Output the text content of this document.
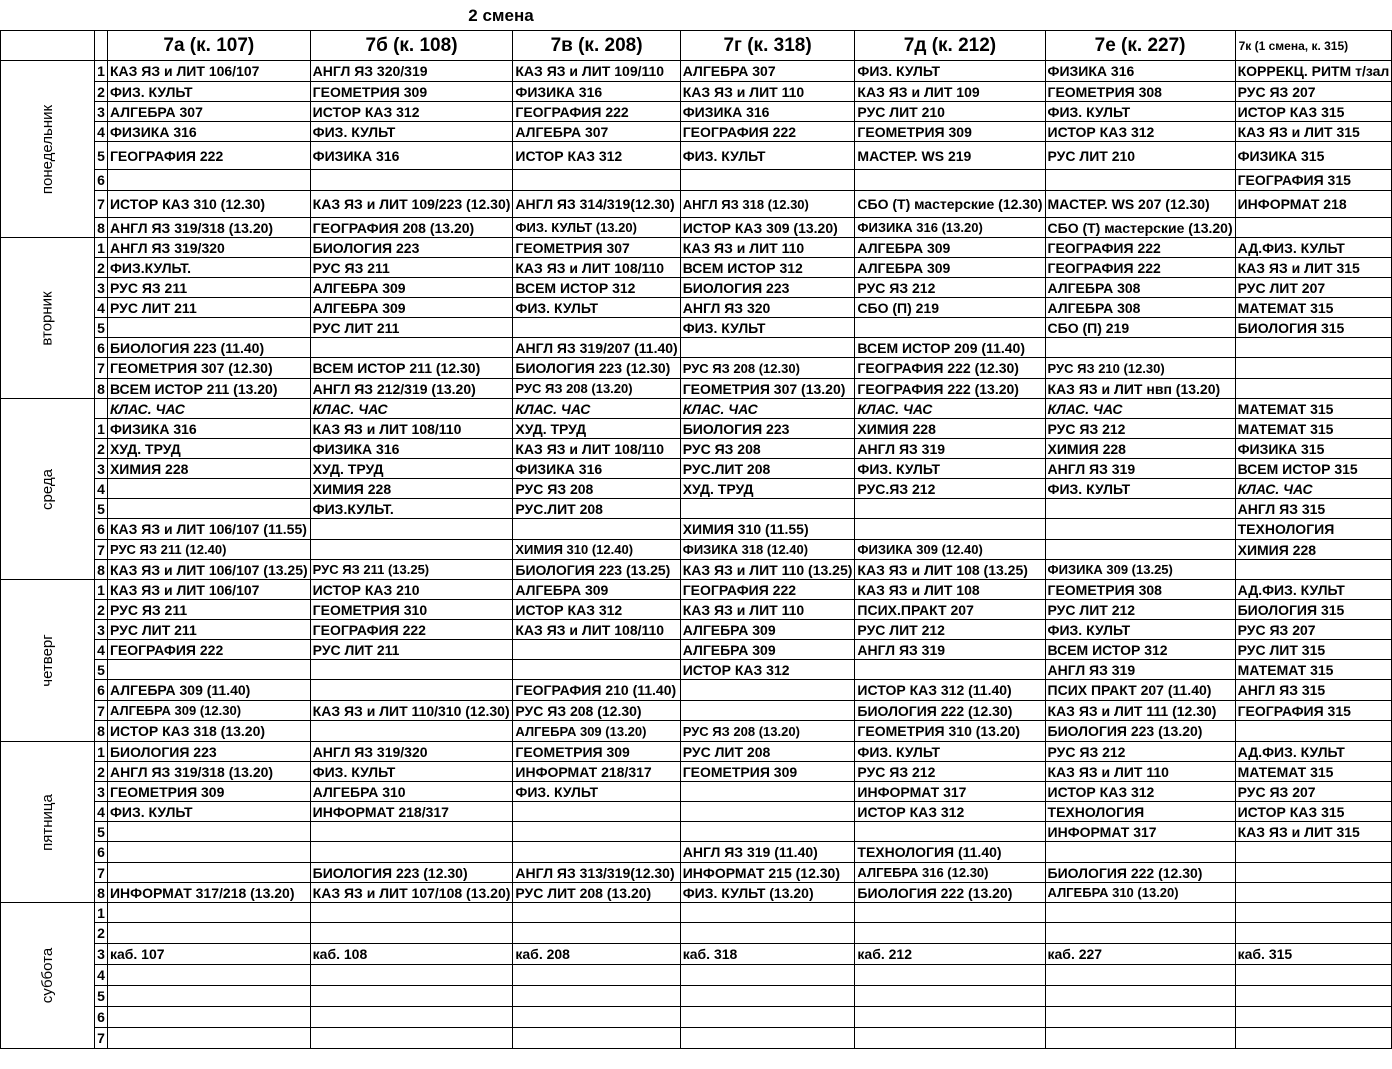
2 смена
		7а (к. 107)	7б (к. 108)	7в (к. 208)	7г (к. 318)	7д (к. 212)	7е (к. 227)	7к (1 смена, к. 315)
понедельник	1	КАЗ ЯЗ и ЛИТ 106/107	АНГЛ ЯЗ 320/319	КАЗ ЯЗ и ЛИТ 109/110	АЛГЕБРА 307	ФИЗ. КУЛЬТ	ФИЗИКА 316	КОРРЕКЦ. РИТМ т/зал
	2	ФИЗ. КУЛЬТ	ГЕОМЕТРИЯ 309	ФИЗИКА 316	КАЗ ЯЗ и ЛИТ 110	КАЗ ЯЗ и ЛИТ 109	ГЕОМЕТРИЯ 308	РУС ЯЗ 207
	3	АЛГЕБРА 307	ИСТОР КАЗ 312	ГЕОГРАФИЯ 222	ФИЗИКА 316	РУС ЛИТ 210	ФИЗ. КУЛЬТ	ИСТОР КАЗ 315
	4	ФИЗИКА 316	ФИЗ. КУЛЬТ	АЛГЕБРА 307	ГЕОГРАФИЯ 222	ГЕОМЕТРИЯ 309	ИСТОР КАЗ 312	КАЗ ЯЗ и ЛИТ 315
	5	ГЕОГРАФИЯ 222	ФИЗИКА 316	ИСТОР КАЗ 312	ФИЗ. КУЛЬТ	МАСТЕР. WS 219	РУС ЛИТ 210	ФИЗИКА 315
	6							ГЕОГРАФИЯ 315
	7	ИСТОР КАЗ 310 (12.30)	КАЗ ЯЗ и ЛИТ 109/223 (12.30)	АНГЛ ЯЗ 314/319(12.30)	АНГЛ ЯЗ 318 (12.30)	СБО (Т) мастерские (12.30)	МАСТЕР. WS 207 (12.30)	ИНФОРМАТ 218
	8	АНГЛ ЯЗ 319/318 (13.20)	ГЕОГРАФИЯ 208 (13.20)	ФИЗ. КУЛЬТ (13.20)	ИСТОР КАЗ 309 (13.20)	ФИЗИКА 316 (13.20)	СБО (Т) мастерские (13.20)	
вторник	1	АНГЛ ЯЗ 319/320	БИОЛОГИЯ 223	ГЕОМЕТРИЯ 307	КАЗ ЯЗ и ЛИТ 110	АЛГЕБРА 309	ГЕОГРАФИЯ 222	АД.ФИЗ. КУЛЬТ
	2	ФИЗ.КУЛЬТ.	РУС ЯЗ 211	КАЗ ЯЗ и ЛИТ 108/110	ВСЕМ ИСТОР 312	АЛГЕБРА 309	ГЕОГРАФИЯ 222	КАЗ ЯЗ и ЛИТ 315
	3	РУС ЯЗ 211	АЛГЕБРА 309	ВСЕМ ИСТОР 312	БИОЛОГИЯ 223	РУС ЯЗ 212	АЛГЕБРА 308	РУС ЛИТ 207
	4	РУС ЛИТ 211	АЛГЕБРА 309	ФИЗ. КУЛЬТ	АНГЛ ЯЗ 320	СБО (П) 219	АЛГЕБРА 308	МАТЕМАТ 315
	5		РУС ЛИТ 211		ФИЗ. КУЛЬТ		СБО (П) 219	БИОЛОГИЯ 315
	6	БИОЛОГИЯ 223 (11.40)		АНГЛ ЯЗ 319/207 (11.40)		ВСЕМ ИСТОР 209 (11.40)		
	7	ГЕОМЕТРИЯ 307 (12.30)	ВСЕМ ИСТОР 211 (12.30)	БИОЛОГИЯ 223 (12.30)	РУС ЯЗ 208 (12.30)	ГЕОГРАФИЯ 222 (12.30)	РУС ЯЗ 210 (12.30)	
	8	ВСЕМ ИСТОР 211 (13.20)	АНГЛ ЯЗ 212/319 (13.20)	РУС ЯЗ 208 (13.20)	ГЕОМЕТРИЯ 307 (13.20)	ГЕОГРАФИЯ 222 (13.20)	КАЗ ЯЗ и ЛИТ нвп (13.20)	
среда		КЛАС. ЧАС	КЛАС. ЧАС	КЛАС. ЧАС	КЛАС. ЧАС	КЛАС. ЧАС	КЛАС. ЧАС	МАТЕМАТ 315
	1	ФИЗИКА 316	КАЗ ЯЗ и ЛИТ 108/110	ХУД. ТРУД	БИОЛОГИЯ 223	ХИМИЯ 228	РУС ЯЗ 212	МАТЕМАТ 315
	2	ХУД. ТРУД	ФИЗИКА 316	КАЗ ЯЗ и ЛИТ 108/110	РУС ЯЗ 208	АНГЛ ЯЗ 319	ХИМИЯ 228	ФИЗИКА 315
	3	ХИМИЯ 228	ХУД. ТРУД	ФИЗИКА 316	РУС.ЛИТ 208	ФИЗ. КУЛЬТ	АНГЛ ЯЗ 319	ВСЕМ ИСТОР 315
	4		ХИМИЯ 228	РУС ЯЗ 208	ХУД. ТРУД	РУС.ЯЗ 212	ФИЗ. КУЛЬТ	КЛАС. ЧАС
	5		ФИЗ.КУЛЬТ.	РУС.ЛИТ 208				АНГЛ ЯЗ 315
	6	КАЗ ЯЗ и ЛИТ 106/107 (11.55)			ХИМИЯ 310 (11.55)			ТЕХНОЛОГИЯ
	7	РУС ЯЗ 211 (12.40)		ХИМИЯ 310 (12.40)	ФИЗИКА 318 (12.40)	ФИЗИКА 309 (12.40)		ХИМИЯ 228
	8	КАЗ ЯЗ и ЛИТ 106/107 (13.25)	РУС ЯЗ 211 (13.25)	БИОЛОГИЯ 223 (13.25)	КАЗ ЯЗ и ЛИТ 110 (13.25)	КАЗ ЯЗ и ЛИТ 108 (13.25)	ФИЗИКА 309 (13.25)	
четверг	1	КАЗ ЯЗ и ЛИТ 106/107	ИСТОР КАЗ 210	АЛГЕБРА 309	ГЕОГРАФИЯ 222	КАЗ ЯЗ и ЛИТ 108	ГЕОМЕТРИЯ 308	АД.ФИЗ. КУЛЬТ
	2	РУС ЯЗ 211	ГЕОМЕТРИЯ 310	ИСТОР КАЗ 312	КАЗ ЯЗ и ЛИТ 110	ПСИХ.ПРАКТ 207	РУС ЛИТ 212	БИОЛОГИЯ 315
	3	РУС ЛИТ 211	ГЕОГРАФИЯ 222	КАЗ ЯЗ и ЛИТ 108/110	АЛГЕБРА 309	РУС ЛИТ 212	ФИЗ. КУЛЬТ	РУС ЯЗ 207
	4	ГЕОГРАФИЯ 222	РУС ЛИТ 211		АЛГЕБРА 309	АНГЛ ЯЗ 319	ВСЕМ ИСТОР 312	РУС ЛИТ 315
	5				ИСТОР КАЗ 312		АНГЛ ЯЗ 319	МАТЕМАТ 315
	6	АЛГЕБРА 309 (11.40)		ГЕОГРАФИЯ 210 (11.40)		ИСТОР КАЗ 312 (11.40)	ПСИХ ПРАКТ 207 (11.40)	АНГЛ ЯЗ 315
	7	АЛГЕБРА 309 (12.30)	КАЗ ЯЗ и ЛИТ 110/310 (12.30)	РУС ЯЗ 208 (12.30)		БИОЛОГИЯ 222 (12.30)	КАЗ ЯЗ и ЛИТ 111 (12.30)	ГЕОГРАФИЯ 315
	8	ИСТОР КАЗ 318 (13.20)		АЛГЕБРА 309 (13.20)	РУС ЯЗ 208 (13.20)	ГЕОМЕТРИЯ 310 (13.20)	БИОЛОГИЯ 223 (13.20)	
пятница	1	БИОЛОГИЯ 223	АНГЛ ЯЗ 319/320	ГЕОМЕТРИЯ 309	РУС ЛИТ 208	ФИЗ. КУЛЬТ	РУС ЯЗ 212	АД.ФИЗ. КУЛЬТ
	2	АНГЛ ЯЗ 319/318 (13.20)	ФИЗ. КУЛЬТ	ИНФОРМАТ 218/317	ГЕОМЕТРИЯ 309	РУС ЯЗ 212	КАЗ ЯЗ и ЛИТ 110	МАТЕМАТ 315
	3	ГЕОМЕТРИЯ 309	АЛГЕБРА 310	ФИЗ. КУЛЬТ		ИНФОРМАТ 317	ИСТОР КАЗ 312	РУС ЯЗ 207
	4	ФИЗ. КУЛЬТ	ИНФОРМАТ 218/317			ИСТОР КАЗ 312	ТЕХНОЛОГИЯ	ИСТОР КАЗ 315
	5						ИНФОРМАТ 317	КАЗ ЯЗ и ЛИТ 315
	6				АНГЛ ЯЗ 319 (11.40)	ТЕХНОЛОГИЯ (11.40)		
	7		БИОЛОГИЯ 223 (12.30)	АНГЛ ЯЗ 313/319(12.30)	ИНФОРМАТ 215 (12.30)	АЛГЕБРА 316 (12.30)	БИОЛОГИЯ 222 (12.30)	
	8	ИНФОРМАТ 317/218 (13.20)	КАЗ ЯЗ и ЛИТ 107/108 (13.20)	РУС ЛИТ 208 (13.20)	ФИЗ. КУЛЬТ (13.20)	БИОЛОГИЯ 222 (13.20)	АЛГЕБРА 310 (13.20)	
суббота	1							
	2							
	3	каб. 107	каб. 108	каб. 208	каб. 318	каб. 212	каб. 227	каб. 315
	4							
	5							
	6							
	7							
